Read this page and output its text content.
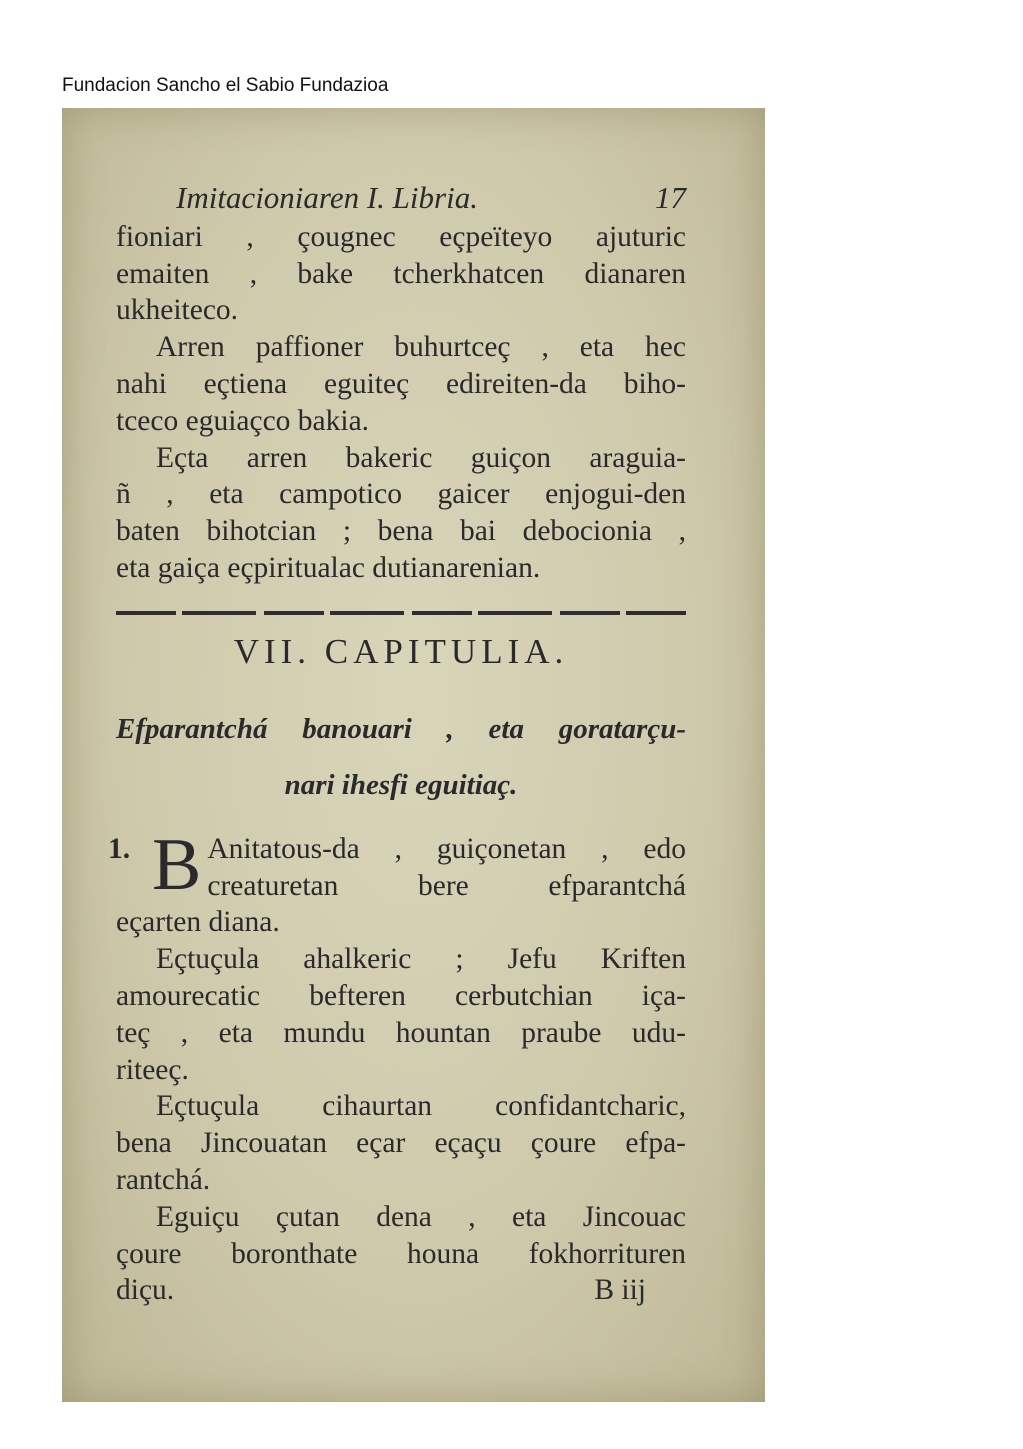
Fundacion Sancho el Sabio Fundazioa
Imitacioniaren I. Libria.	17
fioniari , çougnec eçpeïteyo ajuturic
emaiten , bake tcherkhatcen dianaren
ukheiteco.
Arren paffioner buhurtceç , eta hec
nahi eçtiena eguiteç edireiten-da biho-
tceco eguiaçco bakia.
Eçta arren bakeric guiçon araguia-
ñ , eta campotico gaicer enjogui-den
baten bihotcian ; bena bai debocionia ,
eta gaiça eçpiritualac dutianarenian.
VII. CAPITULIA.
Efparantchá banouari , eta goratarçu-
nari ihesfi eguitiaç.
1. B Anitatous-da , guiçonetan , edo
creaturetan bere efparantchá
eçarten diana.
Eçtuçula ahalkeric ; Jefu Kriften
amourecatic befteren cerbutchian iça-
teç , eta mundu hountan praube udu-
riteeç.
Eçtuçula cihaurtan confidantcharic,
bena Jincouatan eçar eçaçu çoure efpa-
rantchá.
Eguiçu çutan dena , eta Jincouac
çoure boronthate houna fokhorrituren
diçu.	B iij
